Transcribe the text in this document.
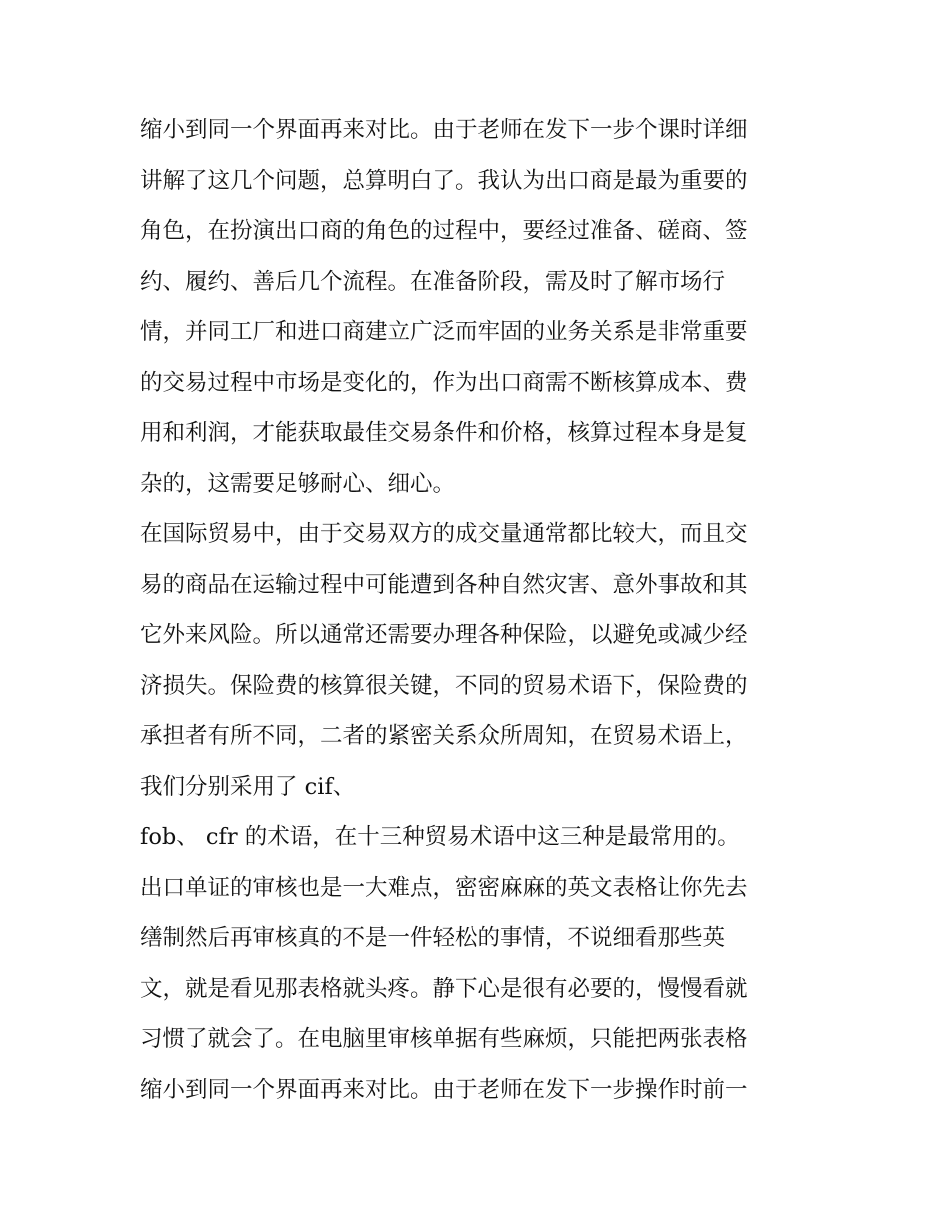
缩小到同一个界面再来对比。由于老师在发下一步个课时详细
讲解了这几个问题，总算明白了。我认为出口商是最为重要的
角色，在扮演出口商的角色的过程中，要经过准备、磋商、签
约、履约、善后几个流程。在准备阶段，需及时了解市场行
情，并同工厂和进口商建立广泛而牢固的业务关系是非常重要
的交易过程中市场是变化的，作为出口商需不断核算成本、费
用和利润，才能获取最佳交易条件和价格，核算过程本身是复
杂的，这需要足够耐心、细心。
在国际贸易中，由于交易双方的成交量通常都比较大，而且交
易的商品在运输过程中可能遭到各种自然灾害、意外事故和其
它外来风险。所以通常还需要办理各种保险，以避免或减少经
济损失。保险费的核算很关键，不同的贸易术语下，保险费的
承担者有所不同，二者的紧密关系众所周知，在贸易术语上，
我们分别采用了 cif、
fob、 cfr 的术语，在十三种贸易术语中这三种是最常用的。
出口单证的审核也是一大难点，密密麻麻的英文表格让你先去
缮制然后再审核真的不是一件轻松的事情，不说细看那些英
文，就是看见那表格就头疼。静下心是很有必要的，慢慢看就
习惯了就会了。在电脑里审核单据有些麻烦，只能把两张表格
缩小到同一个界面再来对比。由于老师在发下一步操作时前一
